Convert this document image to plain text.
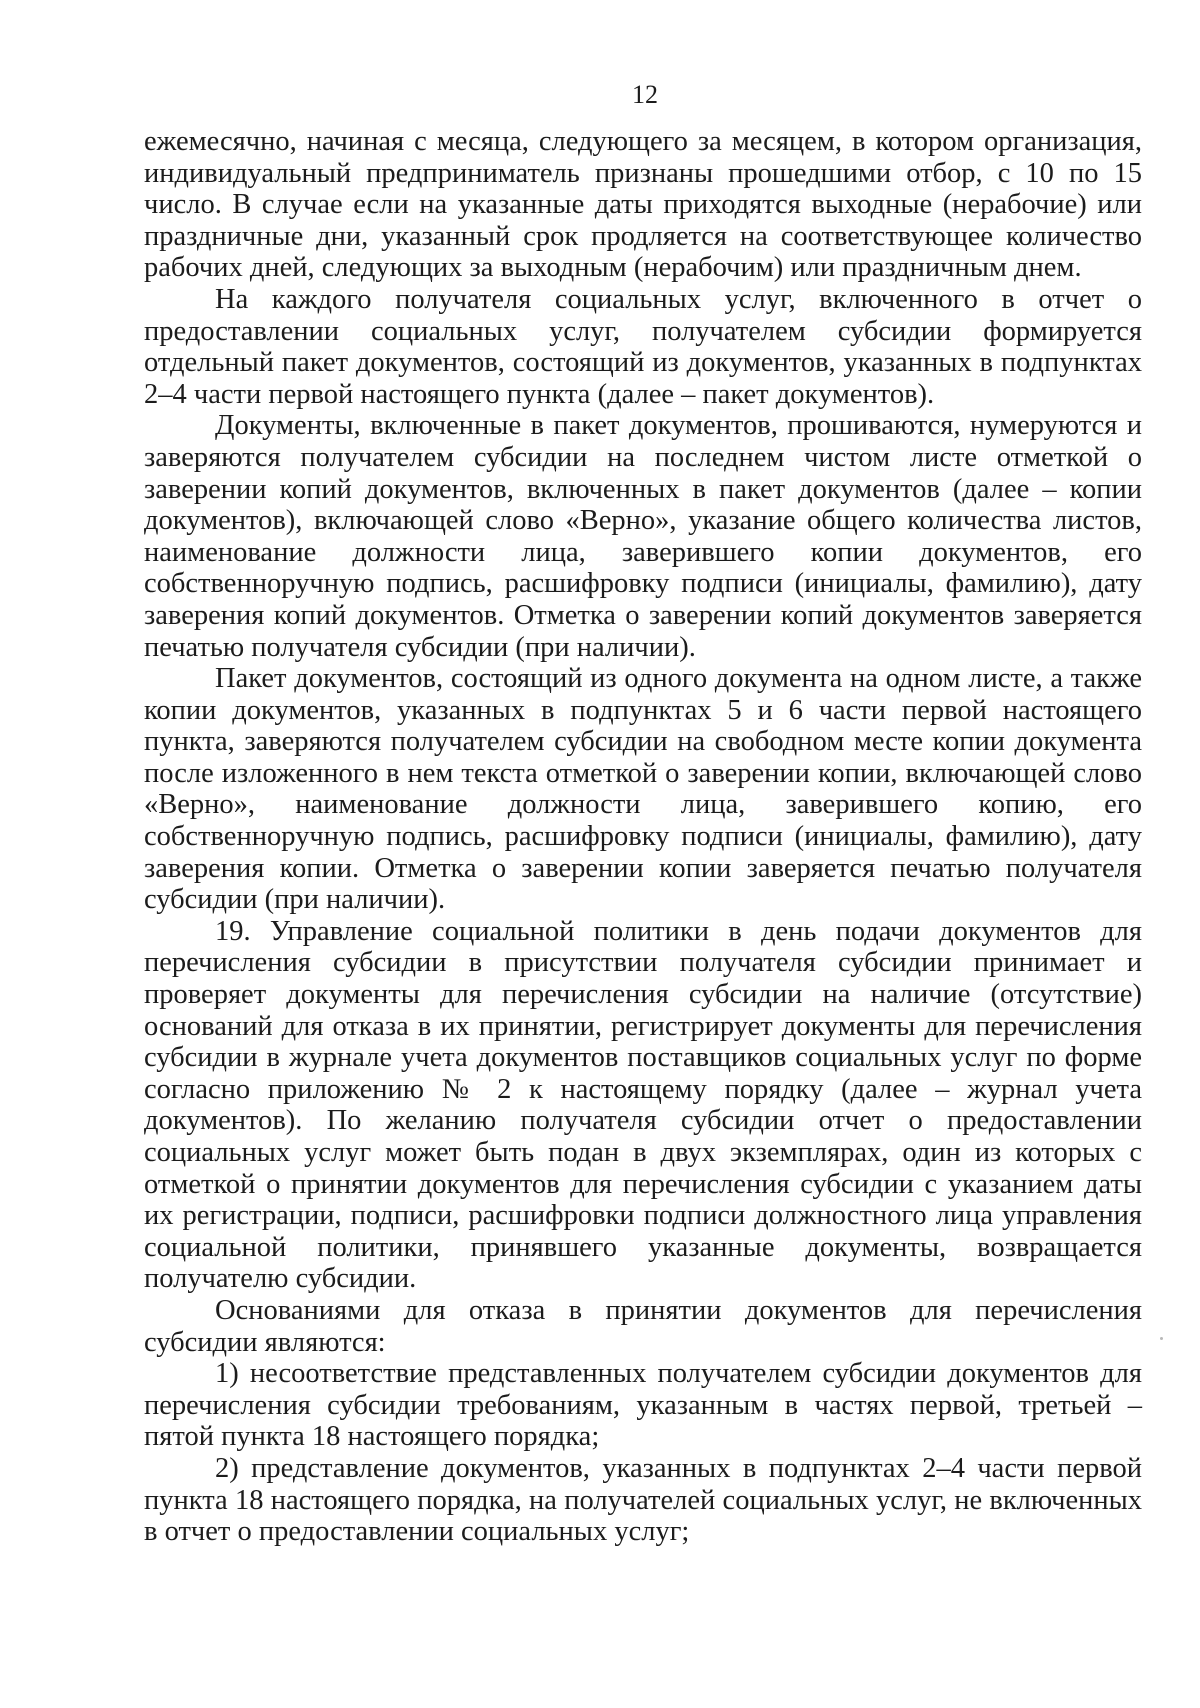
12

ежемесячно, начиная с месяца, следующего за месяцем, в котором организация, индивидуальный предприниматель признаны прошедшими отбор, с 10 по 15 число. В случае если на указанные даты приходятся выходные (нерабочие) или праздничные дни, указанный срок продляется на соответствующее количество рабочих дней, следующих за выходным (нерабочим) или праздничным днем.

На каждого получателя социальных услуг, включенного в отчет о предоставлении социальных услуг, получателем субсидии формируется отдельный пакет документов, состоящий из документов, указанных в подпунктах 2–4 части первой настоящего пункта (далее – пакет документов).

Документы, включенные в пакет документов, прошиваются, нумеруются и заверяются получателем субсидии на последнем чистом листе отметкой о заверении копий документов, включенных в пакет документов (далее – копии документов), включающей слово «Верно», указание общего количества листов, наименование должности лица, заверившего копии документов, его собственноручную подпись, расшифровку подписи (инициалы, фамилию), дату заверения копий документов. Отметка о заверении копий документов заверяется печатью получателя субсидии (при наличии).

Пакет документов, состоящий из одного документа на одном листе, а также копии документов, указанных в подпунктах 5 и 6 части первой настоящего пункта, заверяются получателем субсидии на свободном месте копии документа после изложенного в нем текста отметкой о заверении копии, включающей слово «Верно», наименование должности лица, заверившего копию, его собственноручную подпись, расшифровку подписи (инициалы, фамилию), дату заверения копии. Отметка о заверении копии заверяется печатью получателя субсидии (при наличии).

19. Управление социальной политики в день подачи документов для перечисления субсидии в присутствии получателя субсидии принимает и проверяет документы для перечисления субсидии на наличие (отсутствие) оснований для отказа в их принятии, регистрирует документы для перечисления субсидии в журнале учета документов поставщиков социальных услуг по форме согласно приложению № 2 к настоящему порядку (далее – журнал учета документов). По желанию получателя субсидии отчет о предоставлении социальных услуг может быть подан в двух экземплярах, один из которых с отметкой о принятии документов для перечисления субсидии с указанием даты их регистрации, подписи, расшифровки подписи должностного лица управления социальной политики, принявшего указанные документы, возвращается получателю субсидии.

Основаниями для отказа в принятии документов для перечисления субсидии являются:

1) несоответствие представленных получателем субсидии документов для перечисления субсидии требованиям, указанным в частях первой, третьей – пятой пункта 18 настоящего порядка;

2) представление документов, указанных в подпунктах 2–4 части первой пункта 18 настоящего порядка, на получателей социальных услуг, не включенных в отчет о предоставлении социальных услуг;
